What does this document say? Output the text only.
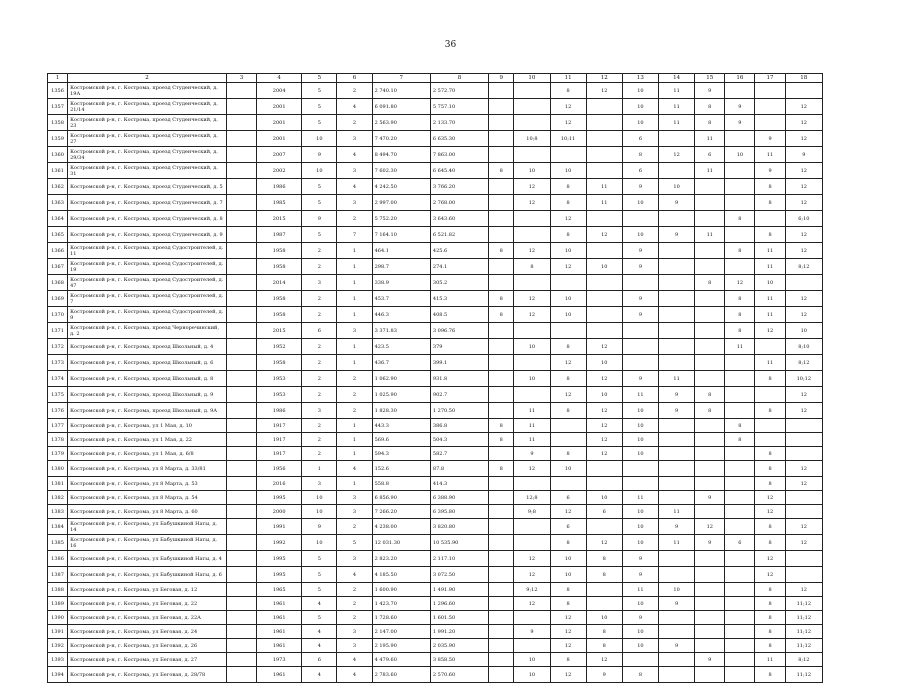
36
1	2	3	4	5	6	7	8	9	10	11	12	13	14	15	16	17	18
1356	Костромской р-н, г. Кострома, проезд Студенческий, д. 19А		2004	5	2	2 740.10	2 572.70			8	12	10	11	9			
1357	Костромской р-н, г. Кострома, проезд Студенческий, д. 21/14		2001	5	4	6 091.80	5 757.10			12		10	11	8	9		12
1358	Костромской р-н, г. Кострома, проезд Студенческий, д. 23		2001	5	2	2 563.90	2 133.70			12		10	11	8	9		12
1359	Костромской р-н, г. Кострома, проезд Студенческий, д. 27		2001	10	3	7 470.20	6 635.30		10;8	10;11		6		11		9	12
1360	Костромской р-н, г. Кострома, проезд Студенческий, д. 29/34		2007	9	4	8 494.70	7 863.00					8	12	6	10	11	9
1361	Костромской р-н, г. Кострома, проезд Студенческий, д. 31		2002	10	3	7 602.30	6 645.40	8	10	10		6		11		9	12
1362	Костромской р-н, г. Кострома, проезд Студенческий, д. 5		1986	5	4	4 242.50	3 766.20		12	8	11	9	10			8	12
1363	Костромской р-н, г. Кострома, проезд Студенческий, д. 7		1985	5	3	2 997.00	2 768.00		12	8	11	10	9			8	12
1364	Костромской р-н, г. Кострома, проезд Студенческий, д. 8		2015	9	2	5 752.20	3 643.60			12					8		6;10
1365	Костромской р-н, г. Кострома, проезд Студенческий, д. 9		1987	5	7	7 164.10	6 521.82			8	12	10	9	11		8	12
1366	Костромской р-н, г. Кострома, проезд Судостроителей, д. 11		1958	2	1	464.1	425.6	8	12	10		9			8	11	12
1367	Костромской р-н, г. Кострома, проезд Судостроителей, д. 19		1958	2	1	298.7	274.1		8	12	10	9				11	8;12
1368	Костромской р-н, г. Кострома, проезд Судостроителей, д. 47		2014	3	1	338.9	305.2							8	12	10	
1369	Костромской р-н, г. Кострома, проезд Судостроителей, д. 7		1958	2	1	453.7	415.3	8	12	10		9			8	11	12
1370	Костромской р-н, г. Кострома, проезд Судостроителей, д. 9		1958	2	1	446.3	408.5	8	12	10		9			8	11	12
1371	Костромской р-н, г. Кострома, проезд Черноречинский, д. 2		2015	6	3	3 371.83	3 096.76								8	12	10
1372	Костромской р-н, г. Кострома, проезд Школьный, д. 4		1952	2	1	423.5	379		10	8	12				11		8;10
1373	Костромской р-н, г. Кострома, проезд Школьный, д. 6		1958	2	1	436.7	399.1			12	10					11	8;12
1374	Костромской р-н, г. Кострома, проезд Школьный, д. 8		1953	2	2	1 062.90	931.8		10	8	12	9	11			8	10;12
1375	Костромской р-н, г. Кострома, проезд Школьный, д. 9		1953	2	2	1 025.90	902.7			12	10	11	9	8			12
1376	Костромской р-н, г. Кострома, проезд Школьный, д. 9А		1986	3	2	1 828.30	1 270.50		11	8	12	10	9	8		8	12
1377	Костромской р-н, г. Кострома, ул 1 Мая, д. 10		1917	2	1	443.3	386.8	8	11		12	10			8		
1378	Костромской р-н, г. Кострома, ул 1 Мая, д. 22		1917	2	1	569.6	504.3	8	11		12	10			8		
1379	Костромской р-н, г. Кострома, ул 1 Мая, д. 6/8		1917	2	1	594.3	582.7		9	8	12	10				8	
1380	Костромской р-н, г. Кострома, ул 8 Марта, д. 33/81		1956	1	4	152.6	87.8	8	12	10						8	12
1381	Костромской р-н, г. Кострома, ул 8 Марта, д. 53		2016	3	1	558.8	414.3									8	12
1382	Костромской р-н, г. Кострома, ул 8 Марта, д. 54		1995	10	3	6 856.90	6 388.90		12;8	6	10	11		9		12	
1383	Костромской р-н, г. Кострома, ул 8 Марта, д. 60		2000	10	3	7 266.20	6 395.80		9;8	12	6	10	11			12	
1384	Костромской р-н, г. Кострома, ул Бабушкиной Наты, д. 14		1991	9	2	4 238.00	3 820.80			6		10	9	12		8	12
1385	Костромской р-н, г. Кострома, ул Бабушкиной Наты, д. 16		1992	10	5	12 031.30	10 535.90			8	12	10	11	9	6	8	12
1386	Костромской р-н, г. Кострома, ул Бабушкиной Наты, д. 4		1995	5	3	2 823.20	2 117.10		12	10	8	9				12	
1387	Костромской р-н, г. Кострома, ул Бабушкиной Наты, д. 6		1995	5	4	4 185.50	3 072.50		12	10	8	9				12	
1388	Костромской р-н, г. Кострома, ул Беговая, д. 12		1965	5	2	1 600.90	1 491.90		9;12	8		11	10			8	12
1389	Костромской р-н, г. Кострома, ул Беговая, д. 22		1961	4	2	1 423.70	1 296.60		12	8		10	9			8	11;12
1390	Костромской р-н, г. Кострома, ул Беговая, д. 22А		1961	5	2	1 728.60	1 601.50			12	10	9				8	11;12
1391	Костромской р-н, г. Кострома, ул Беговая, д. 24		1961	4	3	2 147.00	1 991.20		9	12	8	10				8	11;12
1392	Костромской р-н, г. Кострома, ул Беговая, д. 26		1961	4	3	2 195.90	2 035.90			12	8	10	9			8	11;12
1393	Костромской р-н, г. Кострома, ул Беговая, д. 27		1973	6	4	4 479.60	3 858.50		10	8	12			9		11	8;12
1394	Костромской р-н, г. Кострома, ул Беговая, д. 28/78		1961	4	4	2 783.60	2 570.60		10	12	9	8				8	11;12
